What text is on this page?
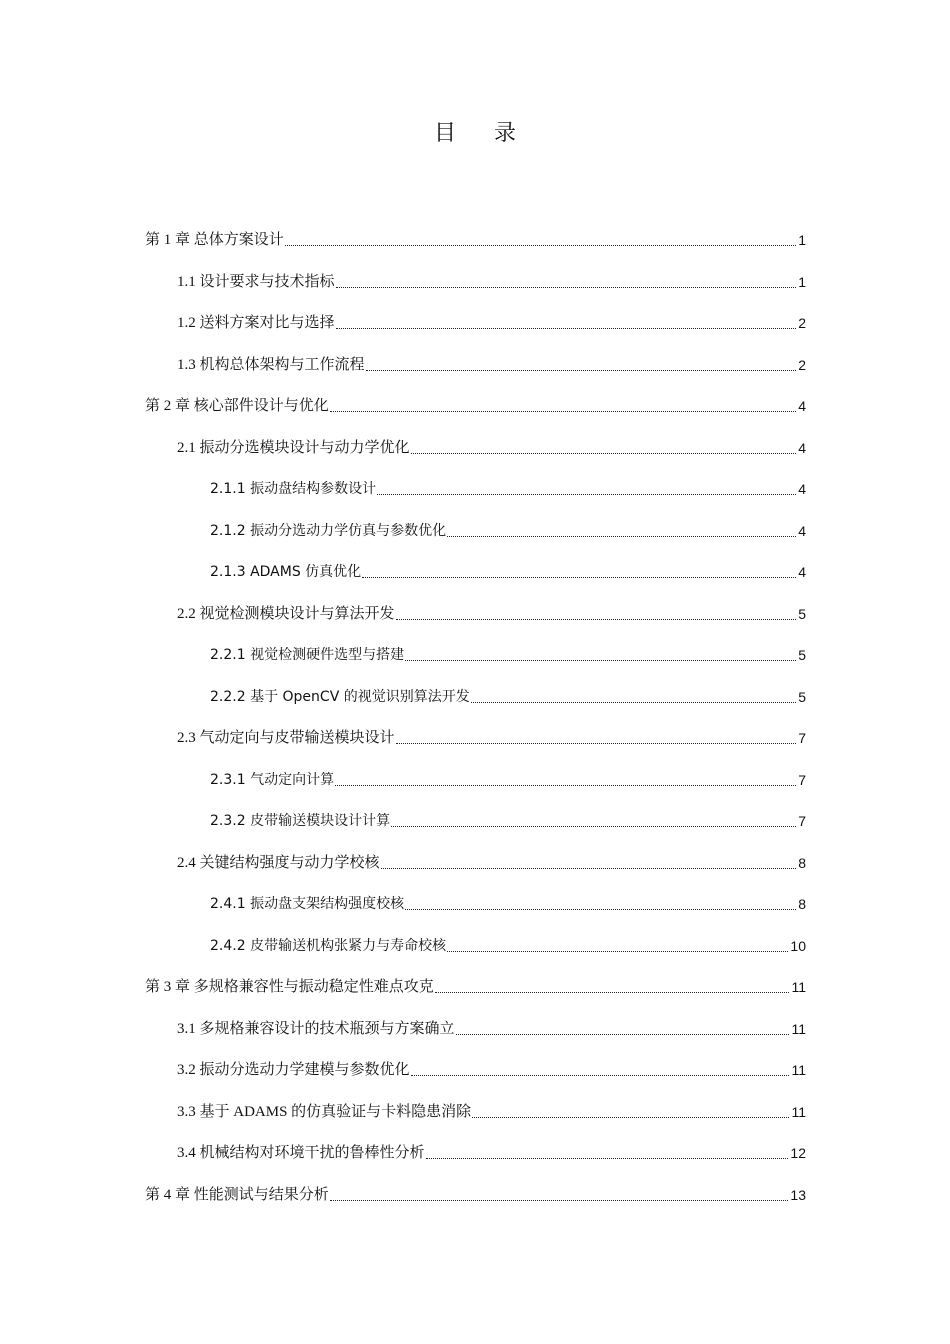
目录
第 1 章 总体方案设计	1
1.1 设计要求与技术指标	1
1.2 送料方案对比与选择	2
1.3 机构总体架构与工作流程	2
第 2 章 核心部件设计与优化	4
2.1 振动分选模块设计与动力学优化	4
2.1.1 振动盘结构参数设计	4
2.1.2 振动分选动力学仿真与参数优化	4
2.1.3 ADAMS 仿真优化	4
2.2 视觉检测模块设计与算法开发	5
2.2.1 视觉检测硬件选型与搭建	5
2.2.2 基于 OpenCV 的视觉识别算法开发	5
2.3 气动定向与皮带输送模块设计	7
2.3.1 气动定向计算	7
2.3.2 皮带输送模块设计计算	7
2.4 关键结构强度与动力学校核	8
2.4.1 振动盘支架结构强度校核	8
2.4.2 皮带输送机构张紧力与寿命校核	10
第 3 章 多规格兼容性与振动稳定性难点攻克	11
3.1 多规格兼容设计的技术瓶颈与方案确立	11
3.2 振动分选动力学建模与参数优化	11
3.3 基于 ADAMS 的仿真验证与卡料隐患消除	11
3.4 机械结构对环境干扰的鲁棒性分析	12
第 4 章 性能测试与结果分析	13
